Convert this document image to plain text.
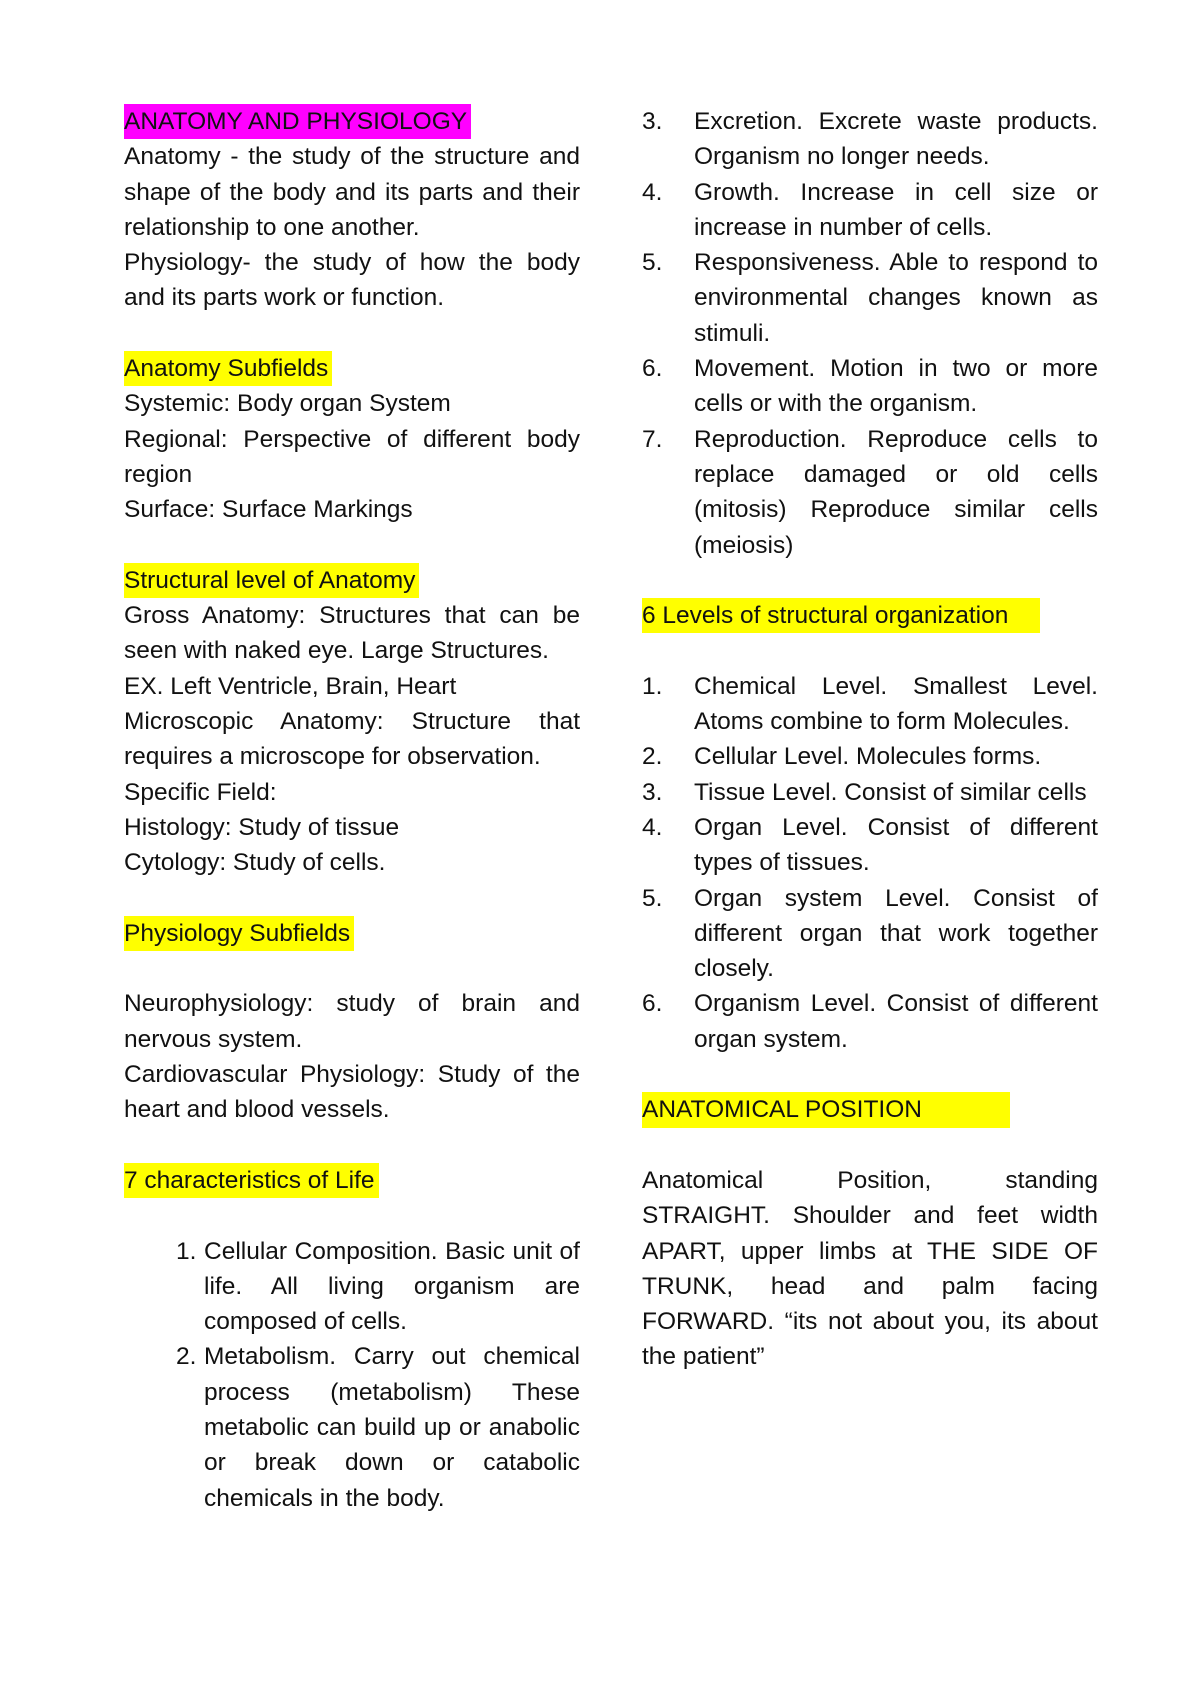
ANATOMY AND PHYSIOLOGY

Anatomy - the study of the structure and shape of the body and its parts and their relationship to one another.

Physiology- the study of how the body and its parts work or function.

Anatomy Subfields

Systemic: Body organ System

Regional: Perspective of different body region

Surface: Surface Markings

Structural level of Anatomy

Gross Anatomy: Structures that can be seen with naked eye. Large Structures.

EX. Left Ventricle, Brain, Heart

Microscopic Anatomy: Structure that requires a microscope for observation.

Specific Field:

Histology: Study of tissue

Cytology: Study of cells.

Physiology Subfields

Neurophysiology: study of brain and nervous system.

Cardiovascular Physiology: Study of the heart and blood vessels.

7 characteristics of Life
1. Cellular Composition. Basic unit of life. All living organism are composed of cells.
2. Metabolism. Carry out chemical process (metabolism) These metabolic can build up or anabolic or break down or catabolic chemicals in the body.
3. Excretion. Excrete waste products. Organism no longer needs.
4. Growth. Increase in cell size or increase in number of cells.
5. Responsiveness. Able to respond to environmental changes known as stimuli.
6. Movement. Motion in two or more cells or with the organism.
7. Reproduction. Reproduce cells to replace damaged or old cells (mitosis) Reproduce similar cells (meiosis)
6 Levels of structural organization
1. Chemical Level. Smallest Level. Atoms combine to form Molecules.
2. Cellular Level. Molecules forms.
3. Tissue Level. Consist of similar cells
4. Organ Level. Consist of different types of tissues.
5. Organ system Level. Consist of different organ that work together closely.
6. Organism Level. Consist of different organ system.
ANATOMICAL POSITION

Anatomical Position, standing STRAIGHT. Shoulder and feet width APART, upper limbs at THE SIDE OF TRUNK, head and palm facing FORWARD. “its not about you, its about the patient”
